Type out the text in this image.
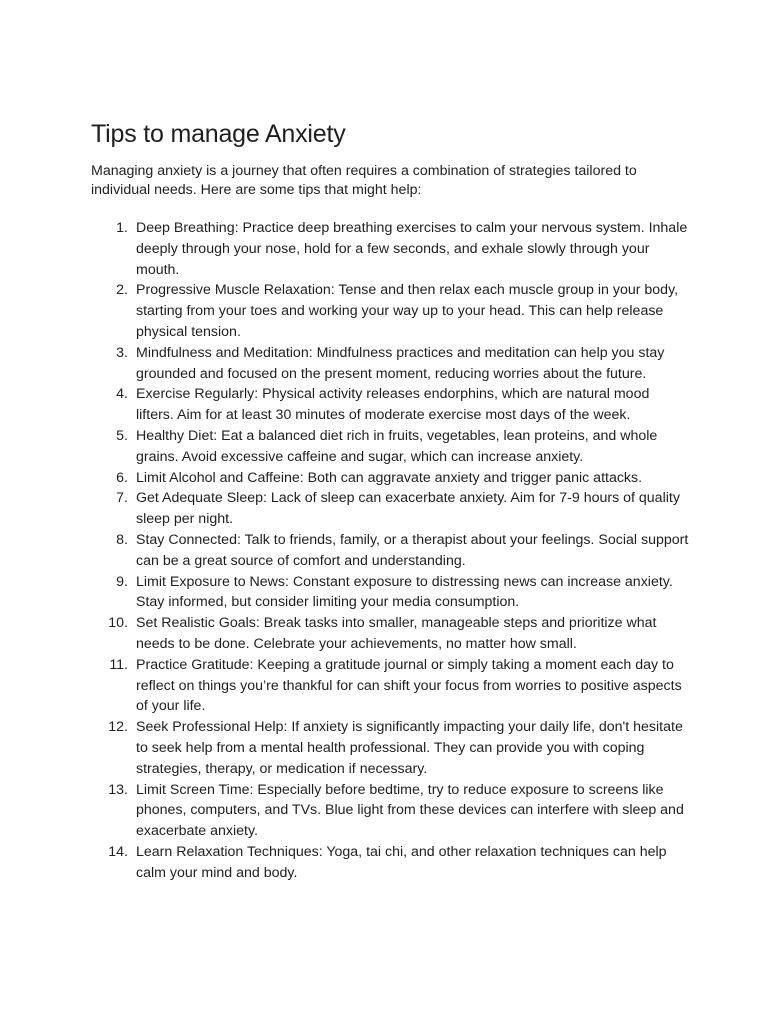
Tips to manage Anxiety

Managing anxiety is a journey that often requires a combination of strategies tailored to individual needs. Here are some tips that might help:

1. Deep Breathing: Practice deep breathing exercises to calm your nervous system. Inhale deeply through your nose, hold for a few seconds, and exhale slowly through your mouth.
2. Progressive Muscle Relaxation: Tense and then relax each muscle group in your body, starting from your toes and working your way up to your head. This can help release physical tension.
3. Mindfulness and Meditation: Mindfulness practices and meditation can help you stay grounded and focused on the present moment, reducing worries about the future.
4. Exercise Regularly: Physical activity releases endorphins, which are natural mood lifters. Aim for at least 30 minutes of moderate exercise most days of the week.
5. Healthy Diet: Eat a balanced diet rich in fruits, vegetables, lean proteins, and whole grains. Avoid excessive caffeine and sugar, which can increase anxiety.
6. Limit Alcohol and Caffeine: Both can aggravate anxiety and trigger panic attacks.
7. Get Adequate Sleep: Lack of sleep can exacerbate anxiety. Aim for 7-9 hours of quality sleep per night.
8. Stay Connected: Talk to friends, family, or a therapist about your feelings. Social support can be a great source of comfort and understanding.
9. Limit Exposure to News: Constant exposure to distressing news can increase anxiety. Stay informed, but consider limiting your media consumption.
10. Set Realistic Goals: Break tasks into smaller, manageable steps and prioritize what needs to be done. Celebrate your achievements, no matter how small.
11. Practice Gratitude: Keeping a gratitude journal or simply taking a moment each day to reflect on things you’re thankful for can shift your focus from worries to positive aspects of your life.
12. Seek Professional Help: If anxiety is significantly impacting your daily life, don't hesitate to seek help from a mental health professional. They can provide you with coping strategies, therapy, or medication if necessary.
13. Limit Screen Time: Especially before bedtime, try to reduce exposure to screens like phones, computers, and TVs. Blue light from these devices can interfere with sleep and exacerbate anxiety.
14. Learn Relaxation Techniques: Yoga, tai chi, and other relaxation techniques can help calm your mind and body.
